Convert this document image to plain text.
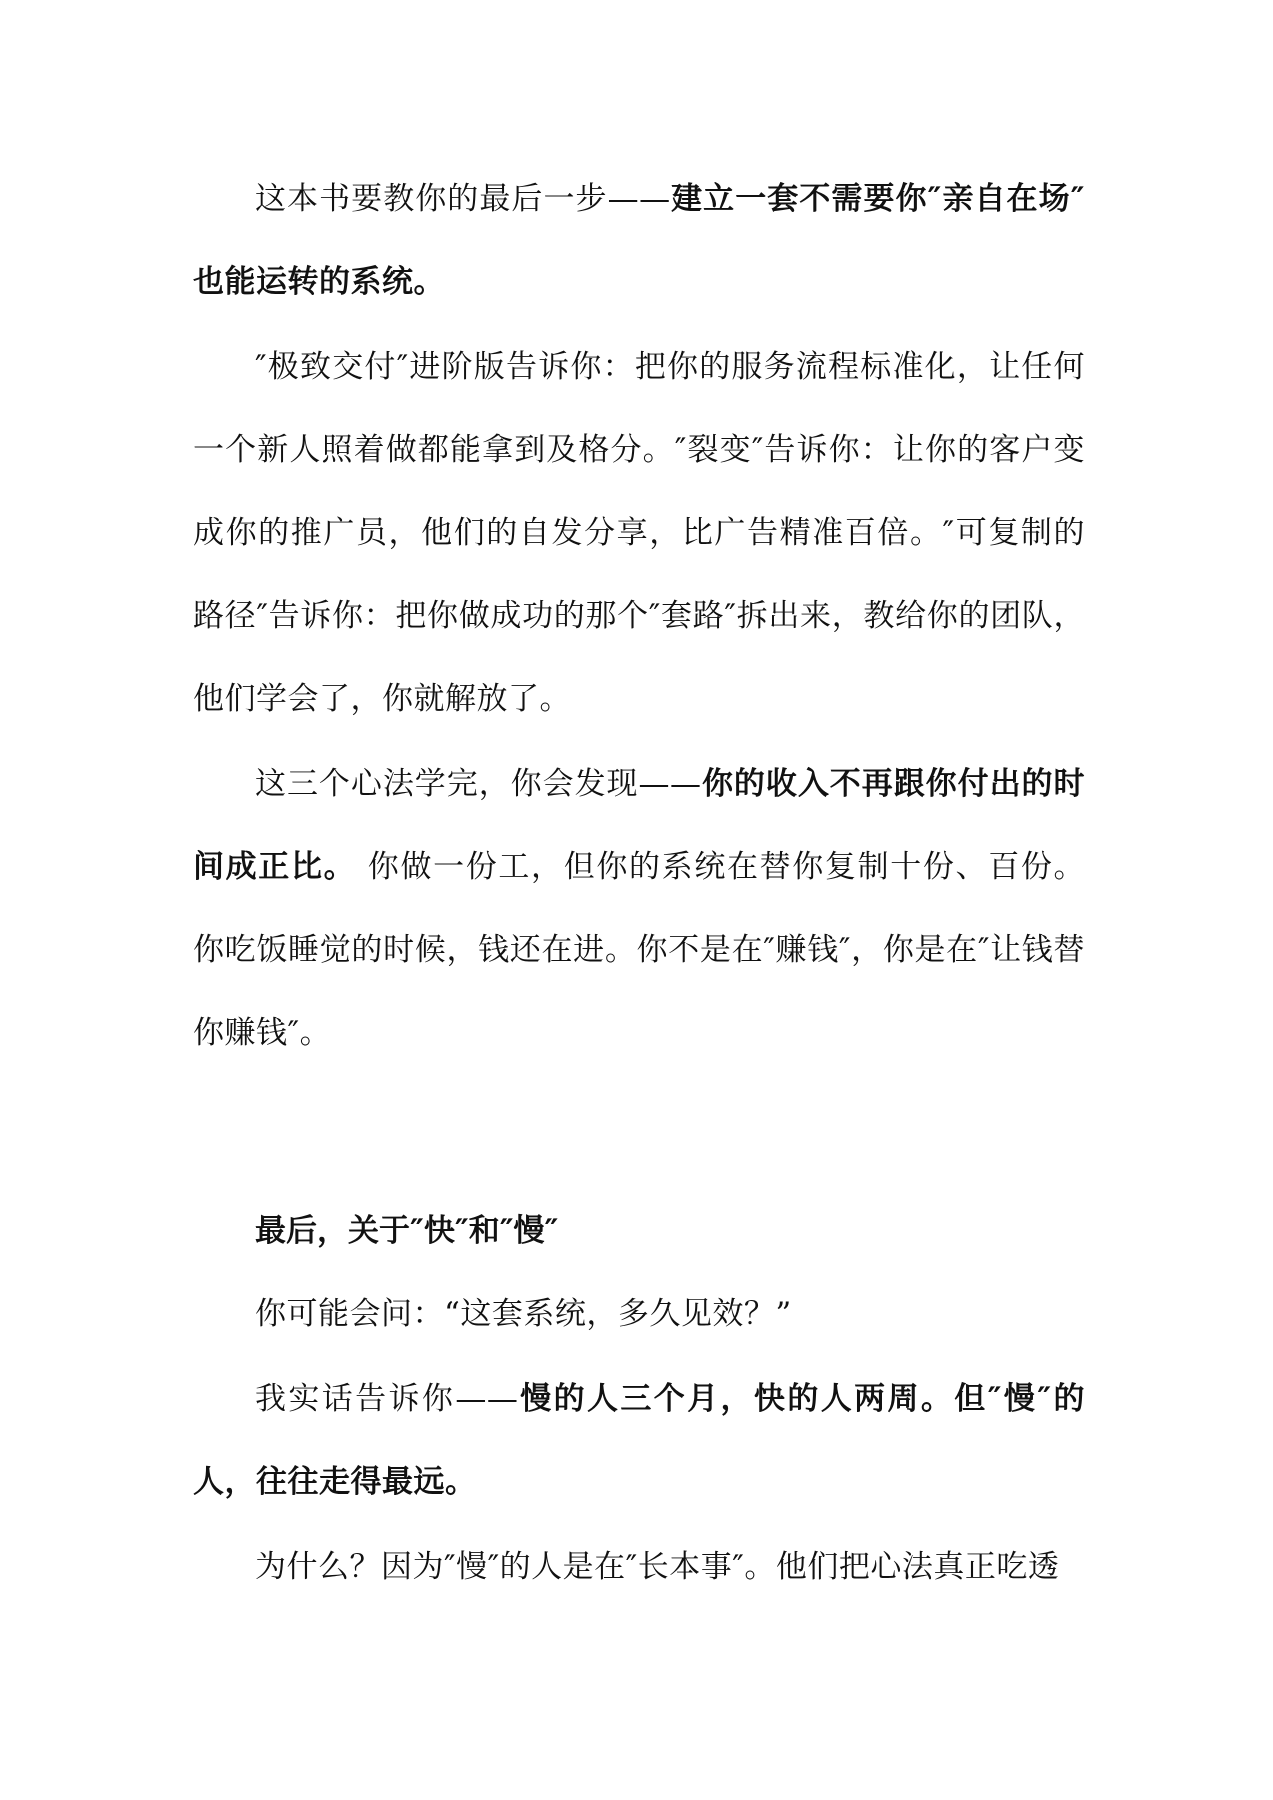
这本书要教你的最后一步——建立一套不需要你″亲自在场″也能运转的系统。

″极致交付″进阶版告诉你：把你的服务流程标准化，让任何一个新人照着做都能拿到及格分。″裂变″告诉你：让你的客户变成你的推广员，他们的自发分享，比广告精准百倍。″可复制的路径″告诉你：把你做成功的那个″套路″拆出来，教给你的团队，他们学会了，你就解放了。

这三个心法学完，你会发现——你的收入不再跟你付出的时间成正比。 你做一份工，但你的系统在替你复制十份、百份。你吃饭睡觉的时候，钱还在进。你不是在″赚钱″，你是在″让钱替你赚钱″。

最后，关于″快″和″慢″

你可能会问：“这套系统，多久见效？”

我实话告诉你——慢的人三个月，快的人两周。但″慢″的人，往往走得最远。

为什么？因为″慢″的人是在″长本事″。他们把心法真正吃透
